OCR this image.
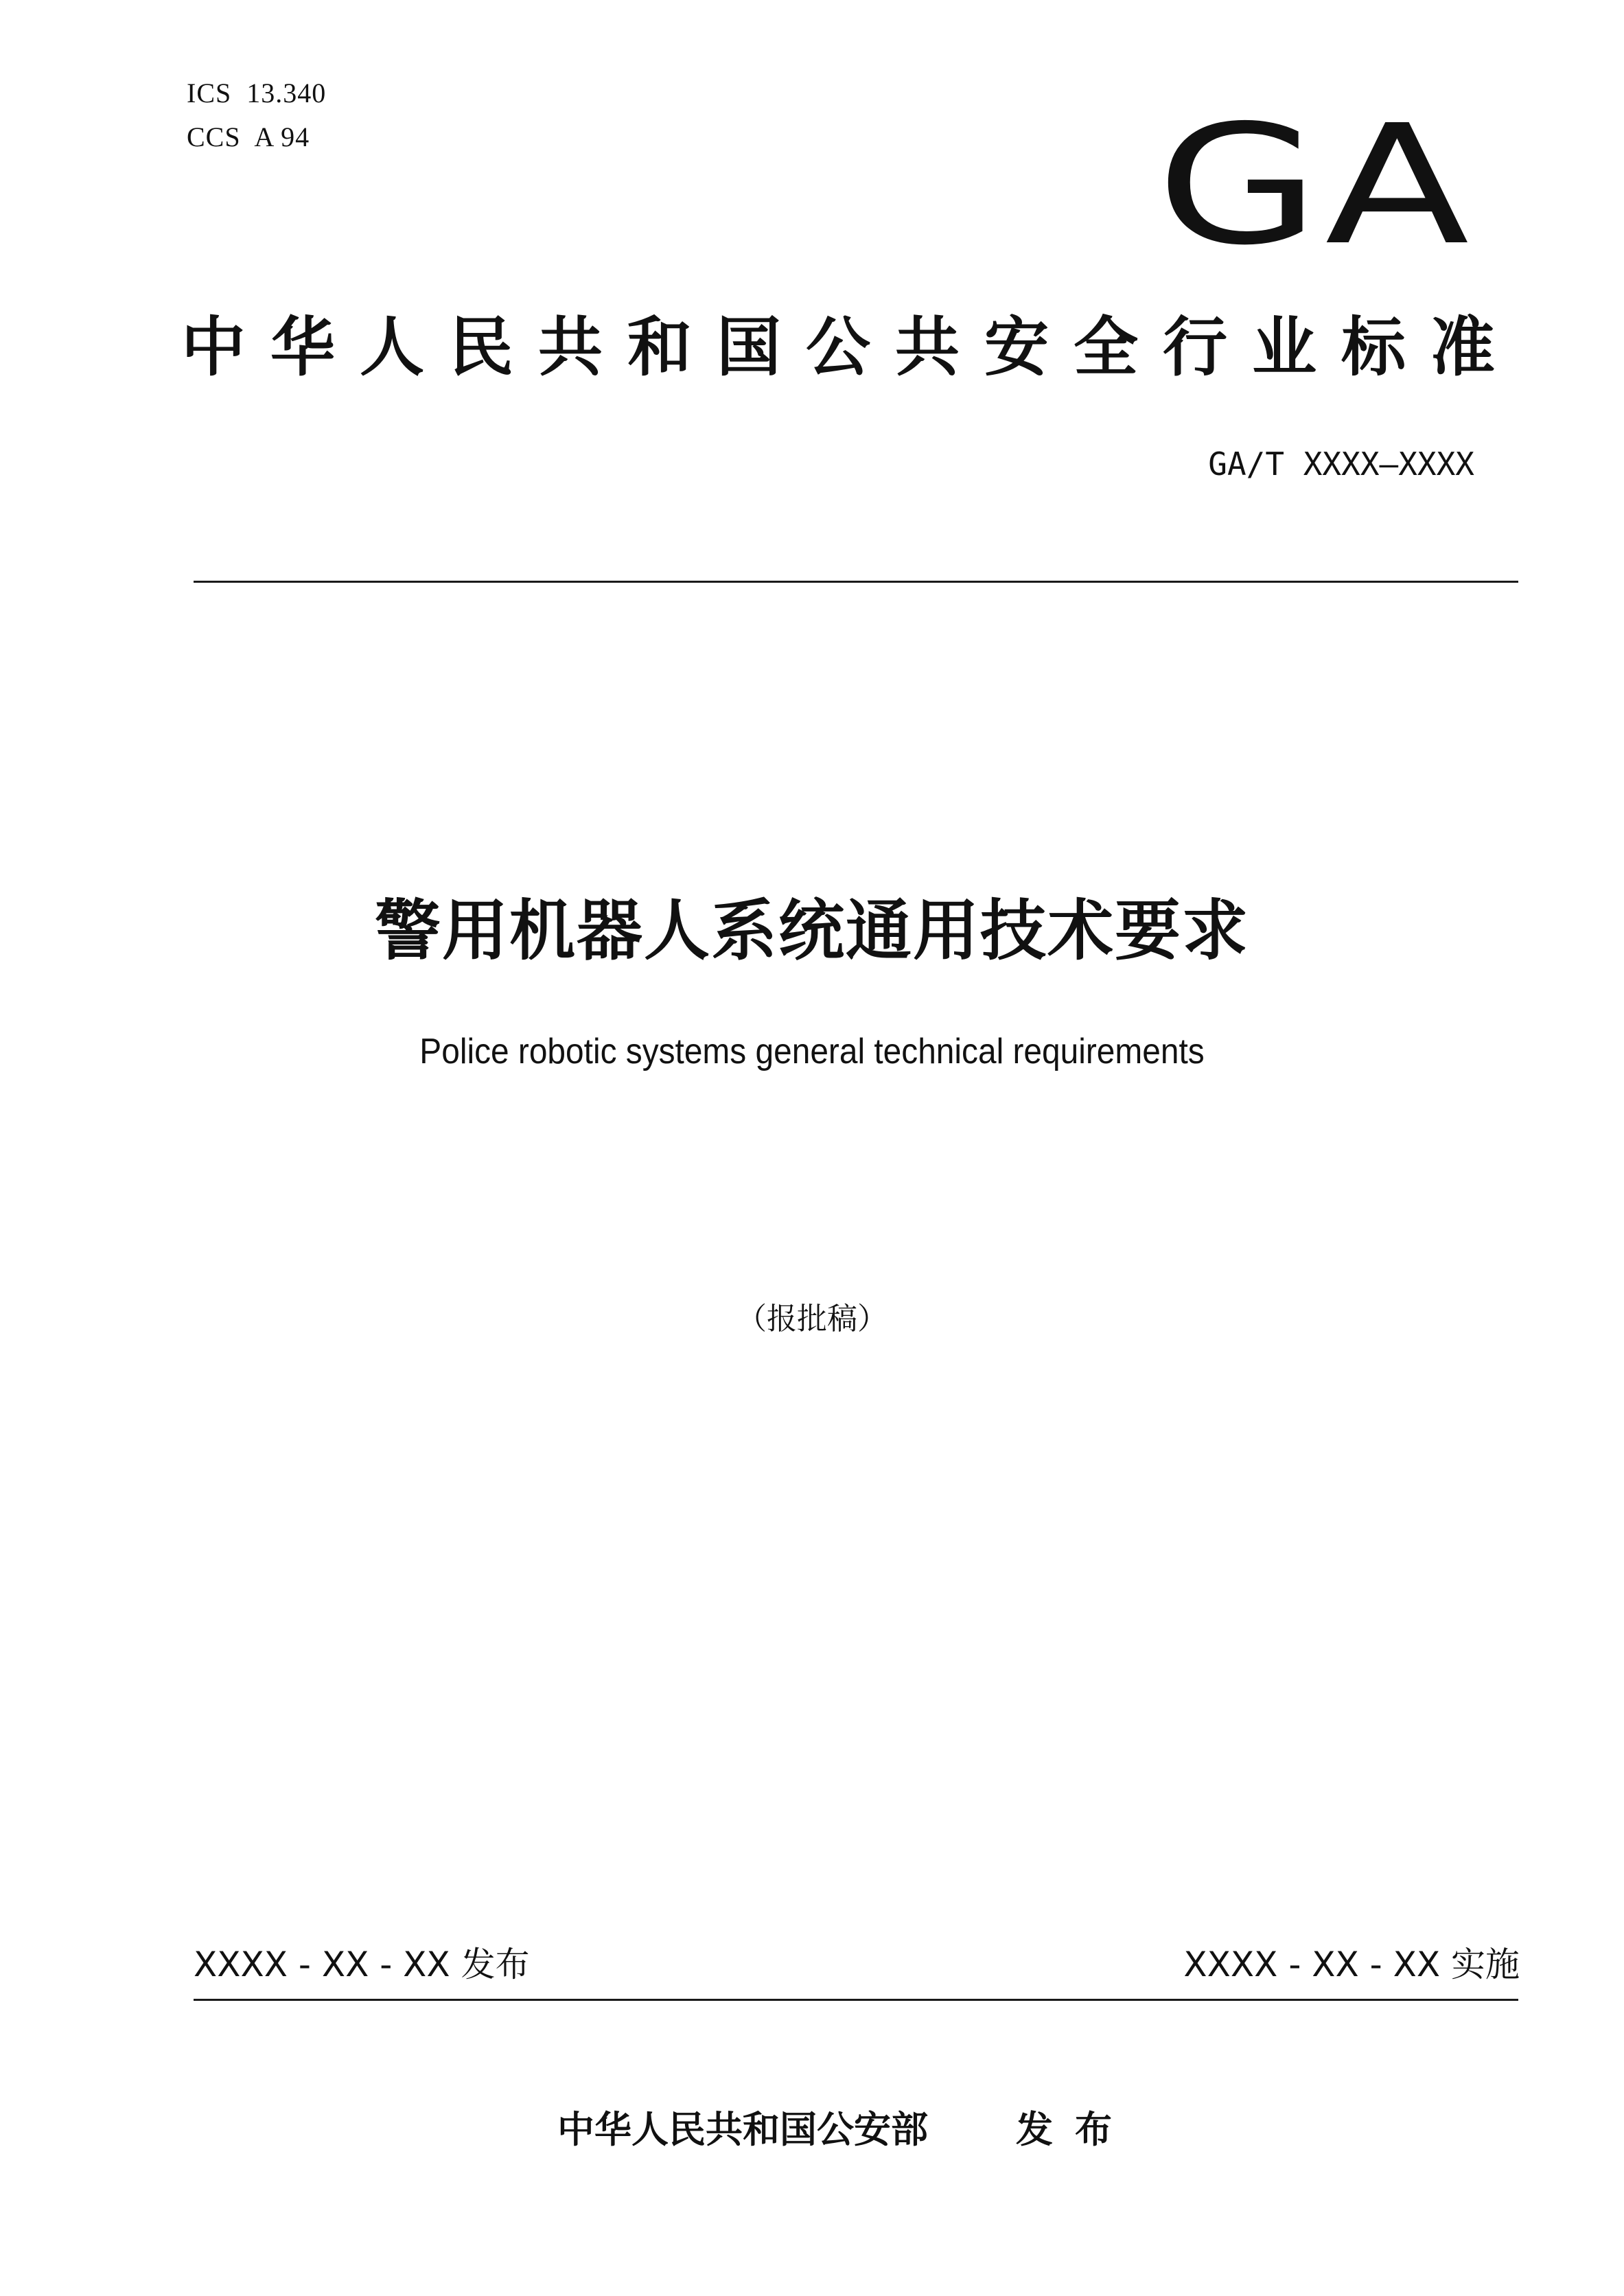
ICS  13.340
CCS  A 94	GA
中华人民共和国公共安全行业标准
GA/T XXXX—XXXX
警用机器人系统通用技术要求
Police robotic systems general technical requirements
（报批稿）
XXXX - XX - XX 发布	XXXX - XX - XX 实施
中华人民共和国公安部 发布
